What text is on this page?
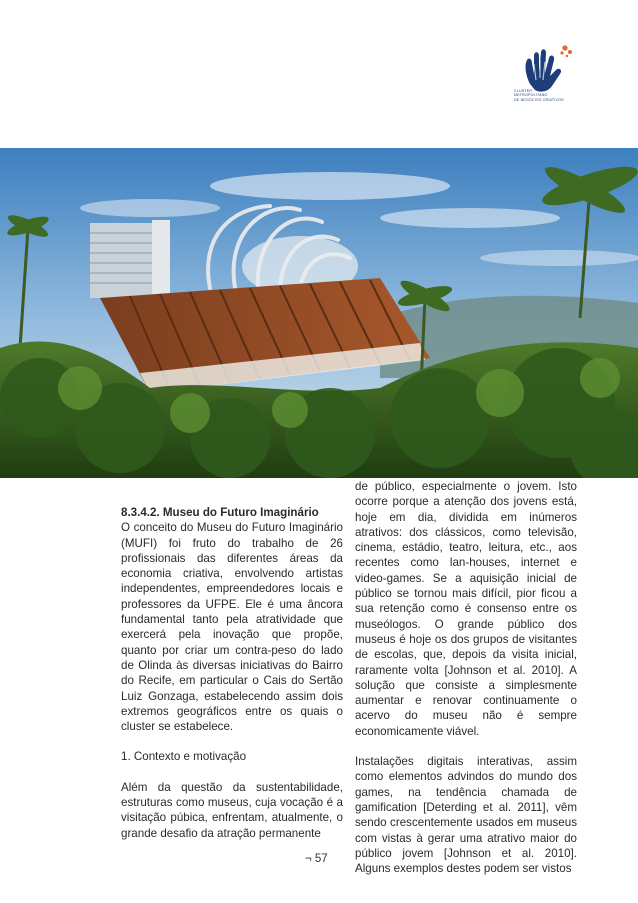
CLUSTER
METROPOLITANO
DE NEGÓCIOS CRIATIVOS

8.3.4.2. Museu do Futuro Imaginário

O conceito do Museu do Futuro Imaginário (MUFI) foi fruto do trabalho de 26 profissionais das diferentes áreas da economia criativa, envolvendo artistas independentes, empreendedores locais e professores da UFPE. Ele é uma âncora fundamental tanto pela atratividade que exercerá pela inovação que propõe, quanto por criar um contra-peso do lado de Olinda às diversas iniciativas do Bairro do Recife, em particular o Cais do Sertão Luiz Gonzaga, estabelecendo assim dois extremos geográficos entre os quais o cluster se estabelece.

1. Contexto e motivação

Além da questão da sustentabilidade, estruturas como museus, cuja vocação é a visitação púbica, enfrentam, atualmente, o grande desafio da atração permanente

de público, especialmente o jovem. Isto ocorre porque a atenção dos jovens está, hoje em dia, dividida em inúmeros atrativos: dos clássicos, como televisão, cinema, estádio, teatro, leitura, etc., aos recentes como lan-houses, internet e video-games. Se a aquisição inicial de público se tornou mais difícil, pior ficou a sua retenção como é consenso entre os museólogos. O grande público dos museus é hoje os dos grupos de visitantes de escolas, que, depois da visita inicial, raramente volta [Johnson et al. 2010]. A solução que consiste a simplesmente aumentar e renovar continuamente o acervo do museu não é sempre economicamente viável.

Instalações digitais interativas, assim como elementos advindos do mundo dos games, na tendência chamada de gamification [Deterding et al. 2011], vêm sendo crescentemente usados em museus com vistas à gerar uma atrativo maior do público jovem [Johnson et al. 2010]. Alguns exemplos destes podem ser vistos

¬ 57
